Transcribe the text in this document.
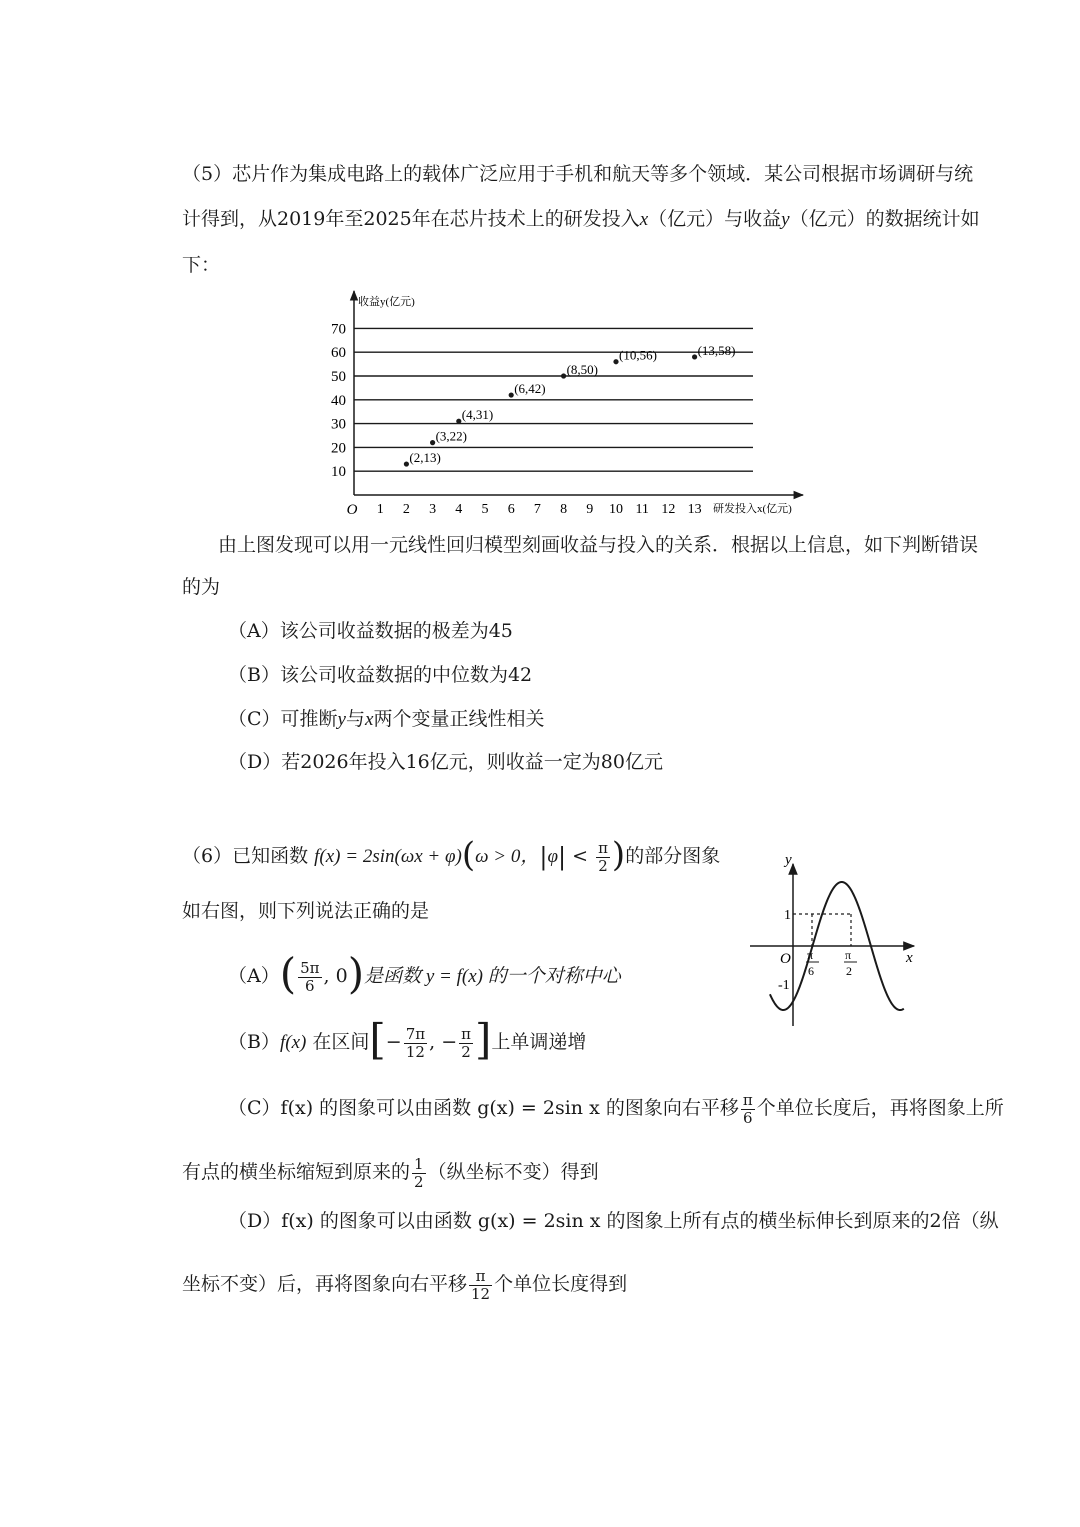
（5）芯片作为集成电路上的载体广泛应用于手机和航天等多个领域．某公司根据市场调研与统
计得到，从2019年至2025年在芯片技术上的研发投入x（亿元）与收益y（亿元）的数据统计如
下：
10
20
30
40
50
60
70
1 2 3 4 5 6 7 8 9 10 11 12 13
O	研发投入x(亿元)
收益y(亿元)
(2,13)
(3,22)
(4,31)
(6,42)
(8,50)
(10,56)	(13,58)
由上图发现可以用一元线性回归模型刻画收益与投入的关系．根据以上信息，如下判断错误
的为
（A）该公司收益数据的极差为45
（B）该公司收益数据的中位数为42
（C）可推断y与x两个变量正线性相关
（D）若2026年投入16亿元，则收益一定为80亿元
（6）已知函数 f(x) = 2sin(ωx + φ)(ω > 0，$|\varphi| < \frac{\pi}{2}$ )的部分图象
如右图，则下列说法正确的是
y
x
O
1
-1
π
6
π
2
$(A)( \frac{5\pi}{6}$ , 0)是函数 y = f(x) 的一个对称中心
（B）f(x) 在区间[− $\frac{7\pi}{12}$ , − $\frac{\pi}{2}$ ]上单调递增
（C）f(x) 的图象可以由函数 g(x) = 2sin x 的图象向右平移 $\frac{\pi}{6}$ 个单位长度后，再将图象上所
有点的横坐标缩短到原来的 $\frac{1}{2}$ （纵坐标不变）得到
（D）f(x) 的图象可以由函数 g(x) = 2sin x 的图象上所有点的横坐标伸长到原来的2倍（纵
坐标不变）后，再将图象向右平移 $\frac{\pi}{12}$ 个单位长度得到
